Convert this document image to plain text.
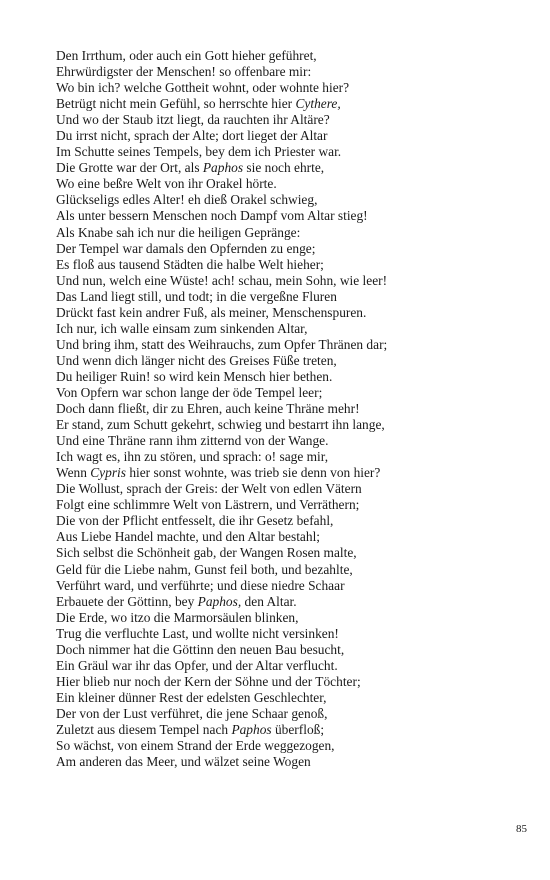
Den Irrthum, oder auch ein Gott hieher geführet,
Ehrwürdigster der Menschen! so offenbare mir:
Wo bin ich? welche Gottheit wohnt, oder wohnte hier?
Betrügt nicht mein Gefühl, so herrschte hier Cythere,
Und wo der Staub itzt liegt, da rauchten ihr Altäre?
Du irrst nicht, sprach der Alte; dort lieget der Altar
Im Schutte seines Tempels, bey dem ich Priester war.
Die Grotte war der Ort, als Paphos sie noch ehrte,
Wo eine beßre Welt von ihr Orakel hörte.
Glückseligs edles Alter! eh dieß Orakel schwieg,
Als unter bessern Menschen noch Dampf vom Altar stieg!
Als Knabe sah ich nur die heiligen Gepränge:
Der Tempel war damals den Opfernden zu enge;
Es floß aus tausend Städten die halbe Welt hieher;
Und nun, welch eine Wüste! ach! schau, mein Sohn, wie leer!
Das Land liegt still, und todt; in die vergeßne Fluren
Drückt fast kein andrer Fuß, als meiner, Menschenspuren.
Ich nur, ich walle einsam zum sinkenden Altar,
Und bring ihm, statt des Weihrauchs, zum Opfer Thränen dar;
Und wenn dich länger nicht des Greises Füße treten,
Du heiliger Ruin! so wird kein Mensch hier bethen.
Von Opfern war schon lange der öde Tempel leer;
Doch dann fließt, dir zu Ehren, auch keine Thräne mehr!
Er stand, zum Schutt gekehrt, schwieg und bestarrt ihn lange,
Und eine Thräne rann ihm zitternd von der Wange.
Ich wagt es, ihn zu stören, und sprach: o! sage mir,
Wenn Cypris hier sonst wohnte, was trieb sie denn von hier?
Die Wollust, sprach der Greis: der Welt von edlen Vätern
Folgt eine schlimmre Welt von Lästrern, und Verräthern;
Die von der Pflicht entfesselt, die ihr Gesetz befahl,
Aus Liebe Handel machte, und den Altar bestahl;
Sich selbst die Schönheit gab, der Wangen Rosen malte,
Geld für die Liebe nahm, Gunst feil both, und bezahlte,
Verführt ward, und verführte; und diese niedre Schaar
Erbauete der Göttinn, bey Paphos, den Altar.
Die Erde, wo itzo die Marmorsäulen blinken,
Trug die verfluchte Last, und wollte nicht versinken!
Doch nimmer hat die Göttinn den neuen Bau besucht,
Ein Gräul war ihr das Opfer, und der Altar verflucht.
Hier blieb nur noch der Kern der Söhne und der Töchter;
Ein kleiner dünner Rest der edelsten Geschlechter,
Der von der Lust verführet, die jene Schaar genoß,
Zuletzt aus diesem Tempel nach Paphos überfloß;
So wächst, von einem Strand der Erde weggezogen,
Am anderen das Meer, und wälzet seine Wogen
85
